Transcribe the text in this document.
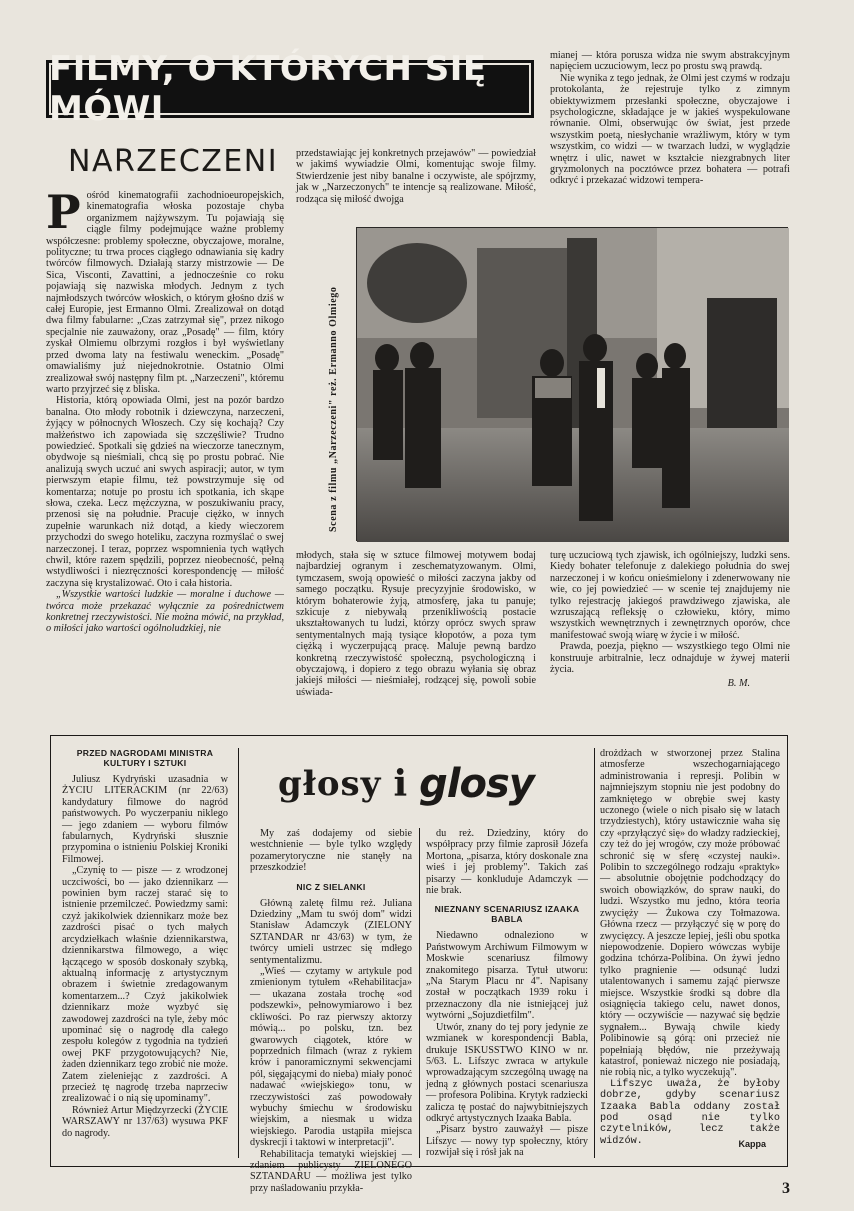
FILMY, O KTÓRYCH SIĘ MÓWI
NARZECZENI
P ośród kinematografii zachodnioeuropejskich, kinematografia włoska pozostaje chyba organizmem najżywszym. Tu pojawiają się ciągle filmy podejmujące ważne problemy współczesne: problemy społeczne, obyczajowe, moralne, polityczne; tu trwa proces ciągłego odnawiania się kadry twórców filmowych. Działają starzy mistrzowie — De Sica, Visconti, Zavattini, a jednocześnie co roku pojawiają się nazwiska młodych. Jednym z tych najmłodszych twórców włoskich, o którym głośno dziś w całej Europie, jest Ermanno Olmi. Zrealizował on dotąd dwa filmy fabularne: „Czas zatrzymał się", przez nikogo specjalnie nie zauważony, oraz „Posadę" — film, który zyskał Olmiemu olbrzymi rozgłos i był wyświetlany przed dwoma laty na festiwalu weneckim. „Posadę" omawialiśmy już niejednokrotnie. Ostatnio Olmi zrealizował swój następny film pt. „Narzeczeni", któremu warto przyjrzeć się z bliska.

Historia, którą opowiada Olmi, jest na pozór bardzo banalna. Oto młody robotnik i dziewczyna, narzeczeni, żyjący w północnych Włoszech. Czy się kochają? Czy małżeństwo ich zapowiada się szczęśliwie? Trudno powiedzieć. Spotkali się gdzieś na wieczorze tanecznym, obydwoje są nieśmiali, chcą się po prostu pobrać. Nie analizują swych uczuć ani swych aspiracji; autor, w tym pierwszym etapie filmu, też powstrzymuje się od komentarza; notuje po prostu ich spotkania, ich skąpe słowa, czeka. Lecz mężczyzna, w poszukiwaniu pracy, przenosi się na południe. Pracuje ciężko, w innych zupełnie warunkach niż dotąd, a kiedy wieczorem przychodzi do swego hoteliku, zaczyna rozmyślać o swej narzeczonej. I teraz, poprzez wspomnienia tych wątłych chwil, które razem spędzili, poprzez nieobecność, pełną wstydliwości i niezręczności korespondencję — miłość zaczyna się krystalizować. Oto i cała historia.

„Wszystkie wartości ludzkie — moralne i duchowe — twórca może przekazać wyłącznie za pośrednictwem konkretnej rzeczywistości. Nie można mówić, na przykład, o miłości jako wartości ogólnoludzkiej, nie

przedstawiając jej konkretnych przejawów" — powiedział w jakimś wywiadzie Olmi, komentując swoje filmy. Stwierdzenie jest niby banalne i oczywiste, ale spójrzmy, jak w „Narzeczonych" te intencje są realizowane. Miłość, rodząca się miłość dwojga

mianej — która porusza widza nie swym abstrakcyjnym napięciem uczuciowym, lecz po prostu swą prawdą.

Nie wynika z tego jednak, że Olmi jest czymś w rodzaju protokolanta, że rejestruje tylko z zimnym obiektywizmem przesłanki społeczne, obyczajowe i psychologiczne, składające je w jakieś wyspekulowane równanie. Olmi, obserwując ów świat, jest przede wszystkim poetą, niesłychanie wrażliwym, który w tym wszystkim, co widzi — w twarzach ludzi, w wyglądzie wnętrz i ulic, nawet w kształcie niezgrabnych liter gryzmolonych na pocztówce przez bohatera — potrafi odkryć i przekazać widzowi tempera-

Scena z filmu „Narzeczeni" reż. Ermanno Olmiego

młodych, stała się w sztuce filmowej motywem bodaj najbardziej ogranym i zeschematyzowanym. Olmi, tymczasem, swoją opowieść o miłości zaczyna jakby od samego początku. Rysuje precyzyjnie środowisko, w którym bohaterowie żyją, atmosferę, jaka tu panuje; szkicuje z niebywałą przenikliwością postacie ukształtowanych tu ludzi, którzy oprócz swych spraw sentymentalnych mają tysiące kłopotów, a poza tym ciężką i wyczerpującą pracę. Maluje pewną bardzo konkretną rzeczywistość społeczną, psychologiczną i obyczajową, i dopiero z tego obrazu wyłania się obraz jakiejś miłości — nieśmiałej, rodzącej się, powoli sobie uświada-

turę uczuciową tych zjawisk, ich ogólniejszy, ludzki sens. Kiedy bohater telefonuje z dalekiego południa do swej narzeczonej i w końcu onieśmielony i zdenerwowany nie wie, co jej powiedzieć — w scenie tej znajdujemy nie tylko rejestrację jakiegoś prawdziwego zjawiska, ale wzruszającą refleksję o człowieku, który, mimo wszystkich wewnętrznych i zewnętrznych oporów, chce manifestować swoją wiarę w życie i w miłość.

Prawda, poezja, piękno — wszystkiego tego Olmi nie konstruuje arbitralnie, lecz odnajduje w żywej materii życia.

B. M.

głosy i glosy
PRZED NAGRODAMI MINISTRA KULTURY I SZTUKI

Juliusz Kydryński uzasadnia w ŻYCIU LITERACKIM (nr 22/63) kandydatury filmowe do nagród państwowych. Po wyczerpaniu niklego — jego zdaniem — wyboru filmów fabularnych, Kydryński słusznie przypomina o istnieniu Polskiej Kroniki Filmowej.

„Czynię to — pisze — z wrodzonej uczciwości, bo — jako dziennikarz — powinien bym raczej starać się to istnienie przemilczeć. Powiedzmy sami: czyż jakikolwiek dziennikarz może bez zazdrości pisać o tych małych arcydziełkach właśnie dziennikarstwa, dziennikarstwa filmowego, a więc łączącego w sposób doskonały szybką, aktualną informację z artystycznym obrazem i świetnie zredagowanym komentarzem...? Czyż jakikolwiek dziennikarz może wyzbyć się zawodowej zazdrości na tyle, żeby móc upominać się o nagrodę dla całego zespołu kolegów z tygodnia na tydzień owej PKF przygotowujących? Nie, żaden dziennikarz tego zrobić nie może. Zatem zieleniejąc z zazdrości. A przecież tę nagrodę trzeba naprzeciw zrealizować i o nią się upominamy".

Również Artur Międzyrzecki (ŻYCIE WARSZAWY nr 137/63) wysuwa PKF do nagrody.

My zaś dodajemy od siebie westchnienie — byle tylko względy pozamerytoryczne nie stanęły na przeszkodzie!

NIC Z SIELANKI

Główną zaletę filmu reż. Juliana Dziedziny „Mam tu swój dom" widzi Stanisław Adamczyk (ZIELONY SZTANDAR nr 43/63) w tym, że twórcy umieli ustrzec się mdłego sentymentalizmu.

„Wieś — czytamy w artykule pod zmienionym tytułem «Rehabilitacja» — ukazana została trochę «od podszewki», pełnowymiarowo i bez ckliwości. Po raz pierwszy aktorzy mówią... po polsku, tzn. bez gwarowych ciągotek, które w poprzednich filmach (wraz z rykiem krów i panoramicznymi sekwencjami pól, sięgającymi do nieba) miały ponoć nadawać «wiejskiego» tonu, w rzeczywistości zaś powodowały wybuchy śmiechu w środowisku wiejskim, a niesmak u widza wiejskiego. Parodia ustąpiła miejsca dyskrecji i taktowi w interpretacji".

Rehabilitacja tematyki wiejskiej — zdaniem publicysty ZIELONEGO SZTANDARU — możliwa jest tylko przy naśladowaniu przykła-

du reż. Dziedziny, który do współpracy przy filmie zaprosił Józefa Mortona, „pisarza, który doskonale zna wieś i jej problemy". Takich zaś pisarzy — konkluduje Adamczyk — nie brak.

NIEZNANY SCENARIUSZ IZAAKA BABLA

Niedawno odnaleziono w Państwowym Archiwum Filmowym w Moskwie scenariusz filmowy znakomitego pisarza. Tytuł utworu: „Na Starym Placu nr 4". Napisany został w początkach 1939 roku i przeznaczony dla nie istniejącej już wytwórni „Sojuzdietfilm".

Utwór, znany do tej pory jedynie ze wzmianek w korespondencji Babla, drukuje ISKUSSTWO KINO w nr. 5/63. L. Lifszyc zwraca w artykule wprowadzającym szczególną uwagę na jedną z głównych postaci scenariusza — profesora Polibina. Krytyk radziecki zalicza tę postać do najwybitniejszych odkryć artystycznych Izaaka Babla.

„Pisarz bystro zauważył — pisze Lifszyc — nowy typ społeczny, który rozwijał się i rósł jak na

drożdżach w stworzonej przez Stalina atmosferze wszechogarniającego administrowania i represji. Polibin w najmniejszym stopniu nie jest podobny do zamkniętego w obrębie swej kasty uczonego (wiele o nich pisało się w latach trzydziestych), który ustawicznie waha się czy «przyłączyć się» do władzy radzieckiej, czy też do jej wrogów, czy może próbować schronić się w sferę «czystej nauki». Polibin to szczególnego rodzaju «praktyk» — absolutnie obojętnie podchodzący do swoich obowiązków, do spraw nauki, do ludzi. Wszystko mu jedno, która teoria zwycięży — Żukowa czy Tołmazowa. Główna rzecz — przyłączyć się w porę do zwycięzcy. A jeszcze lepiej, jeśli obu spotka niepowodzenie. Dopiero wówczas wybije godzina tchórza-Polibina. On żywi jedno tylko pragnienie — odsunąć ludzi utalentowanych i samemu zająć pierwsze miejsce. Wszystkie środki są dobre dla osiągnięcia takiego celu, nawet donos, który — oczywiście — nazywać się będzie sygnałem... Bywają chwile kiedy Polibinowie są górą: oni przecież nie popełniają błędów, nie przeżywają katastrof, ponieważ niczego nie posiadają, nie robią nic, a tylko wyczekują".

Lifszyc uważa, że byłoby dobrze, gdyby scenariusz Izaaka Babla oddany został pod osąd nie tylko czytelników, lecz także widzów.	Kappa
3
